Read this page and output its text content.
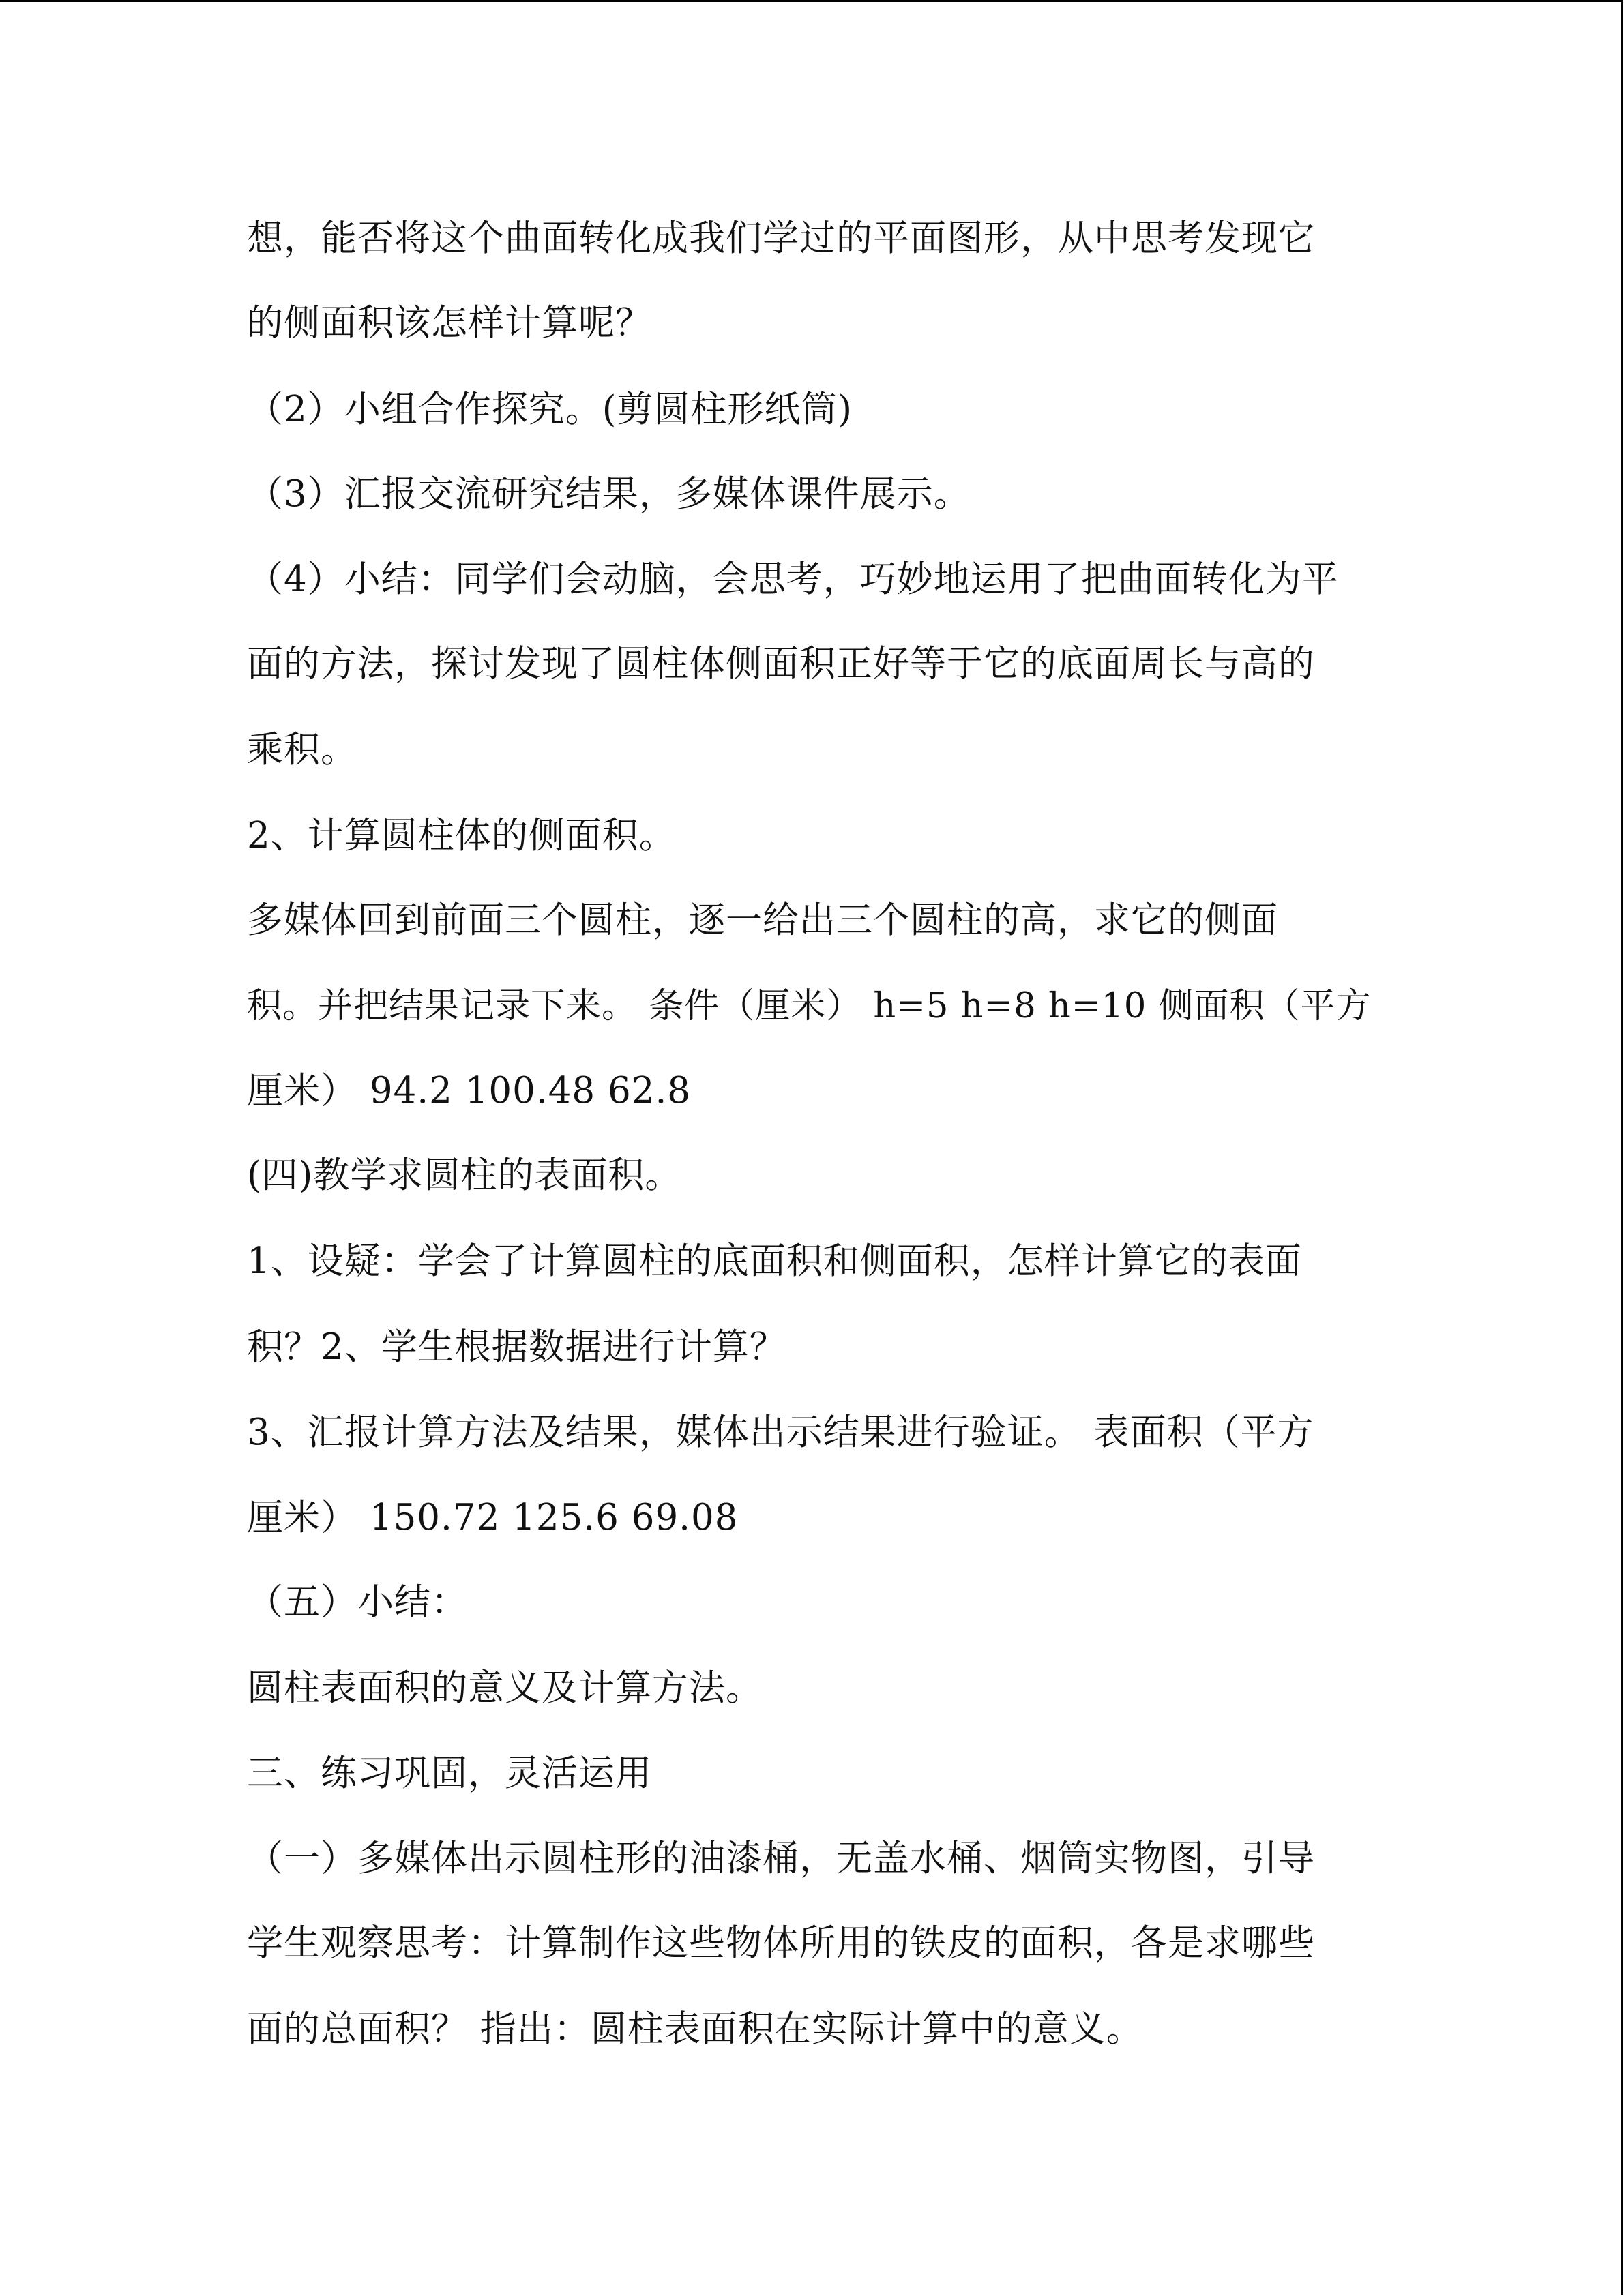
想，能否将这个曲面转化成我们学过的平面图形，从中思考发现它
的侧面积该怎样计算呢？
（2）小组合作探究。(剪圆柱形纸筒)
（3）汇报交流研究结果，多媒体课件展示。
（4）小结：同学们会动脑，会思考，巧妙地运用了把曲面转化为平
面的方法，探讨发现了圆柱体侧面积正好等于它的底面周长与高的
乘积。
2、计算圆柱体的侧面积。
多媒体回到前面三个圆柱，逐一给出三个圆柱的高，求它的侧面
积。并把结果记录下来。 条件（厘米） h=5 h=8 h=10 侧面积（平方
厘米） 94.2 100.48 62.8
(四)教学求圆柱的表面积。
1、设疑：学会了计算圆柱的底面积和侧面积，怎样计算它的表面
积？2、学生根据数据进行计算？
3、汇报计算方法及结果，媒体出示结果进行验证。 表面积（平方
厘米） 150.72 125.6 69.08
（五）小结：
圆柱表面积的意义及计算方法。
三、练习巩固，灵活运用
（一）多媒体出示圆柱形的油漆桶，无盖水桶、烟筒实物图，引导
学生观察思考：计算制作这些物体所用的铁皮的面积，各是求哪些
面的总面积？ 指出：圆柱表面积在实际计算中的意义。
